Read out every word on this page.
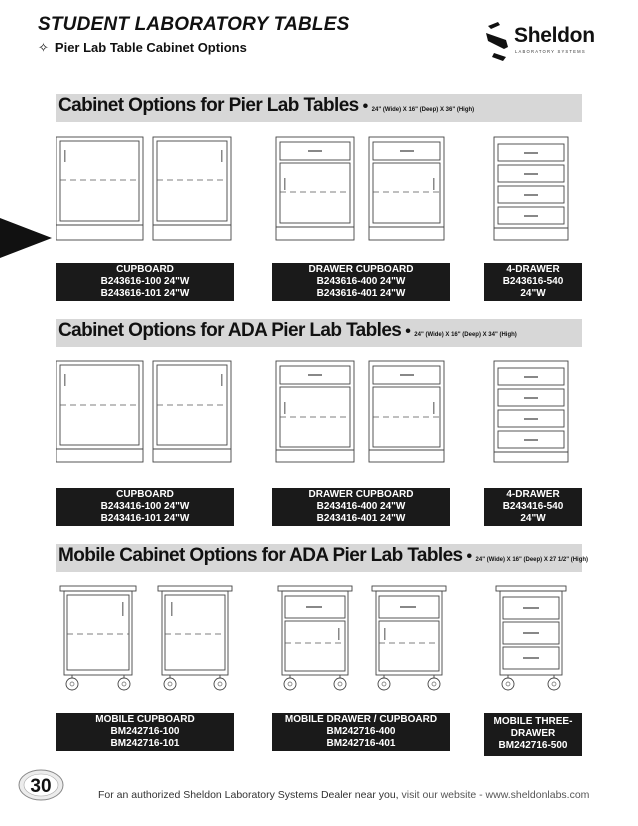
STUDENT LABORATORY TABLES
✧ Pier Lab Table Cabinet Options
Sheldon
LABORATORY SYSTEMS
Cabinet Options for Pier Lab Tables • 24" (Wide) X 16" (Deep) X 36" (High)
CUPBOARD
B243616-100 24"W
B243616-101 24"W
DRAWER CUPBOARD
B243616-400 24"W
B243616-401 24"W
4-DRAWER
B243616-540
24"W
Cabinet Options for ADA Pier Lab Tables • 24" (Wide) X 16" (Deep) X 34" (High)
CUPBOARD
B243416-100 24"W
B243416-101 24"W
DRAWER CUPBOARD
B243416-400 24"W
B243416-401 24"W
4-DRAWER
B243416-540
24"W
Mobile Cabinet Options for ADA Pier Lab Tables • 24" (Wide) X 16" (Deep) X 27 1/2" (High)
MOBILE CUPBOARD
BM242716-100
BM242716-101
MOBILE DRAWER / CUPBOARD
BM242716-400
BM242716-401
MOBILE THREE-
DRAWER
BM242716-500
30	For an authorized Sheldon Laboratory Systems Dealer near you, visit our website - www.sheldonlabs.com
